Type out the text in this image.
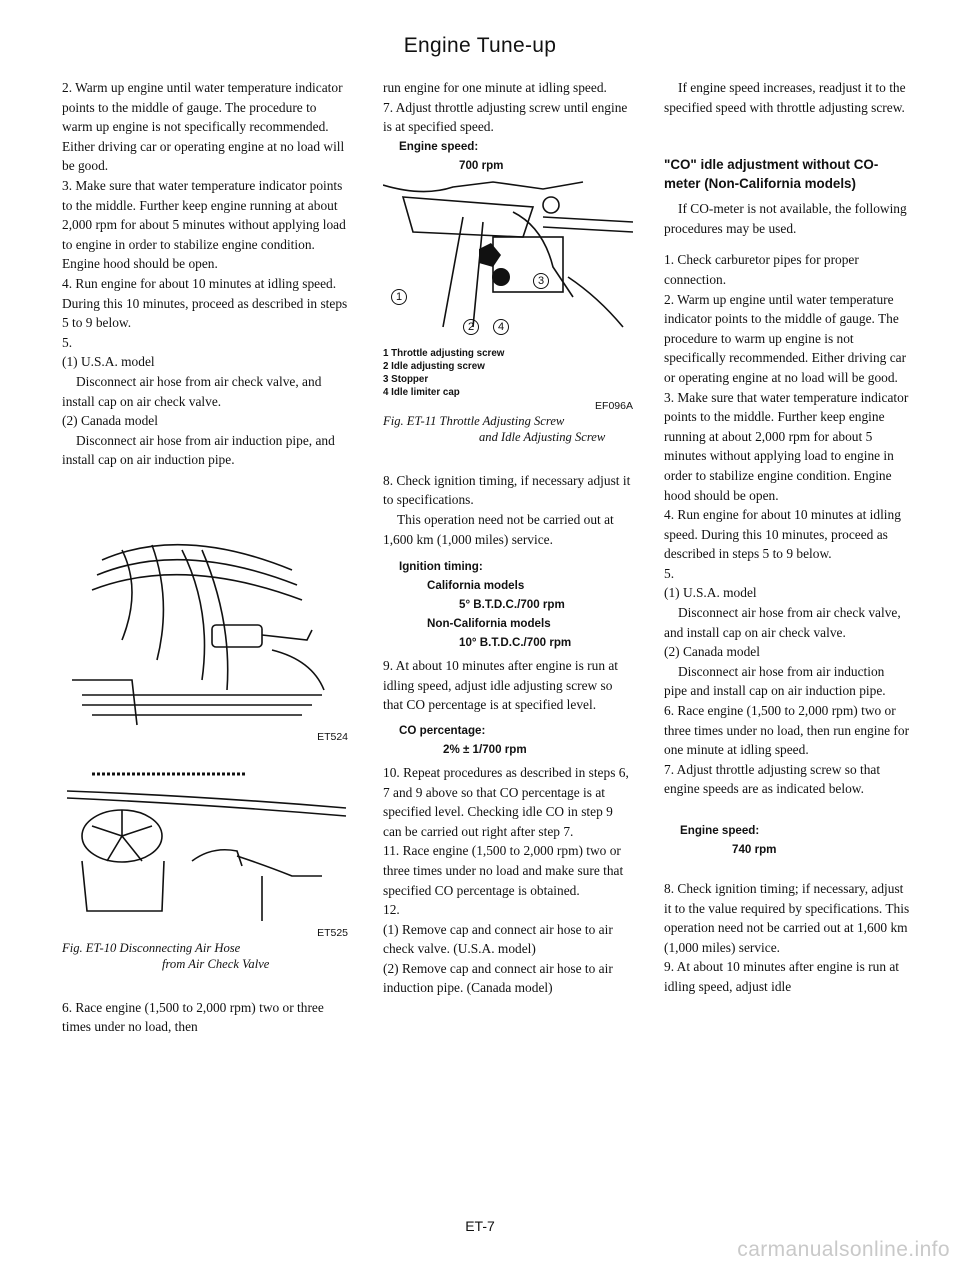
Engine Tune-up

2. Warm up engine until water temperature indicator points to the middle of gauge. The procedure to warm up engine is not specifically recommended. Either driving car or operating engine at no load will be good.

3. Make sure that water temperature indicator points to the middle. Further keep engine running at about 2,000 rpm for about 5 minutes without applying load to engine in order to stabilize engine condition. Engine hood should be open.

4. Run engine for about 10 minutes at idling speed. During this 10 minutes, proceed as described in steps 5 to 9 below.

5.

(1) U.S.A. model

Disconnect air hose from air check valve, and install cap on air check valve.

(2) Canada model

Disconnect air hose from air induction pipe, and install cap on air induction pipe.

ET524
ET525
Fig. ET-10 Disconnecting Air Hose
from Air Check Valve

6. Race engine (1,500 to 2,000 rpm) two or three times under no load, then

run engine for one minute at idling speed.

7. Adjust throttle adjusting screw until engine is at specified speed.

Engine speed:
700 rpm
1
2
3
4
1 Throttle adjusting screw
2 Idle adjusting screw
3 Stopper
4 Idle limiter cap
EF096A
Fig. ET-11 Throttle Adjusting Screw
and Idle Adjusting Screw

8. Check ignition timing, if necessary adjust it to specifications.

This operation need not be carried out at 1,600 km (1,000 miles) service.

Ignition timing:
California models
5° B.T.D.C./700 rpm
Non-California models
10° B.T.D.C./700 rpm

9. At about 10 minutes after engine is run at idling speed, adjust idle adjusting screw so that CO percentage is at specified level.

CO percentage:
2% ± 1/700 rpm

10. Repeat procedures as described in steps 6, 7 and 9 above so that CO percentage is at specified level. Checking idle CO in step 9 can be carried out right after step 7.

11. Race engine (1,500 to 2,000 rpm) two or three times under no load and make sure that specified CO percentage is obtained.

12.

(1) Remove cap and connect air hose to air check valve. (U.S.A. model)

(2) Remove cap and connect air hose to air induction pipe. (Canada model)

If engine speed increases, readjust it to the specified speed with throttle adjusting screw.

"CO" idle adjustment without CO-meter (Non-California models)

If CO-meter is not available, the following procedures may be used.

1. Check carburetor pipes for proper connection.

2. Warm up engine until water temperature indicator points to the middle of gauge. The procedure to warm up engine is not specifically recommended. Either driving car or operating engine at no load will be good.

3. Make sure that water temperature indicator points to the middle. Further keep engine running at about 2,000 rpm for about 5 minutes without applying load to engine in order to stabilize engine condition. Engine hood should be open.

4. Run engine for about 10 minutes at idling speed. During this 10 minutes, proceed as described in steps 5 to 9 below.

5.

(1) U.S.A. model

Disconnect air hose from air check valve, and install cap on air check valve.

(2) Canada model

Disconnect air hose from air induction pipe and install cap on air induction pipe.

6. Race engine (1,500 to 2,000 rpm) two or three times under no load, then run engine for one minute at idling speed.

7. Adjust throttle adjusting screw so that engine speeds are as indicated below.

Engine speed:
740 rpm

8. Check ignition timing; if necessary, adjust it to the value required by specifications. This operation need not be carried out at 1,600 km (1,000 miles) service.

9. At about 10 minutes after engine is run at idling speed, adjust idle

ET-7
carmanualsonline.info
